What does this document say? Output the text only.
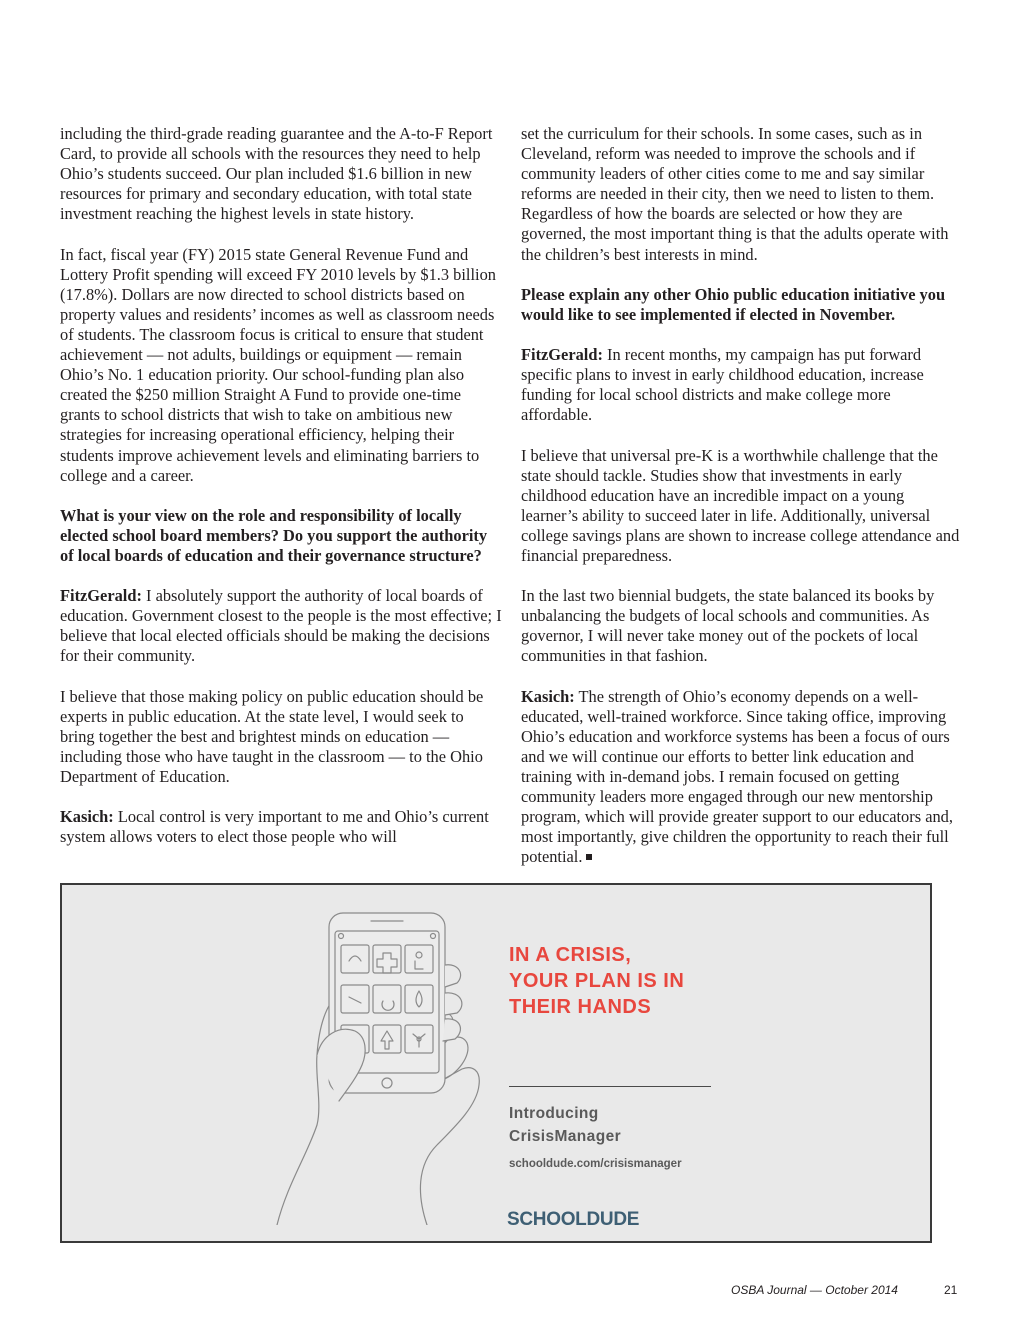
including the third-grade reading guarantee and the A-to-F Report Card, to provide all schools with the resources they need to help Ohio’s students succeed. Our plan included $1.6 billion in new resources for primary and secondary education, with total state investment reaching the highest levels in state history.

In fact, fiscal year (FY) 2015 state General Revenue Fund and Lottery Profit spending will exceed FY 2010 levels by $1.3 billion (17.8%). Dollars are now directed to school districts based on property values and residents’ incomes as well as classroom needs of students. The classroom focus is critical to ensure that student achievement — not adults, buildings or equipment — remain Ohio’s No. 1 education priority. Our school-funding plan also created the $250 million Straight A Fund to provide one-time grants to school districts that wish to take on ambitious new strategies for increasing operational efficiency, helping their students improve achievement levels and eliminating barriers to college and a career.

What is your view on the role and responsibility of locally elected school board members? Do you support the authority of local boards of education and their governance structure?

FitzGerald: I absolutely support the authority of local boards of education. Government closest to the people is the most effective; I believe that local elected officials should be making the decisions for their community.

I believe that those making policy on public education should be experts in public education. At the state level, I would seek to bring together the best and brightest minds on education — including those who have taught in the classroom — to the Ohio Department of Education.

Kasich: Local control is very important to me and Ohio’s current system allows voters to elect those people who will

set the curriculum for their schools. In some cases, such as in Cleveland, reform was needed to improve the schools and if community leaders of other cities come to me and say similar reforms are needed in their city, then we need to listen to them. Regardless of how the boards are selected or how they are governed, the most important thing is that the adults operate with the children’s best interests in mind.

Please explain any other Ohio public education initiative you would like to see implemented if elected in November.

FitzGerald: In recent months, my campaign has put forward specific plans to invest in early childhood education, increase funding for local school districts and make college more affordable.

I believe that universal pre-K is a worthwhile challenge that the state should tackle. Studies show that investments in early childhood education have an incredible impact on a young learner’s ability to succeed later in life. Additionally, universal college savings plans are shown to increase college attendance and financial preparedness.

In the last two biennial budgets, the state balanced its books by unbalancing the budgets of local schools and communities. As governor, I will never take money out of the pockets of local communities in that fashion.

Kasich: The strength of Ohio’s economy depends on a well-educated, well-trained workforce. Since taking office, improving Ohio’s education and workforce systems has been a focus of ours and we will continue our efforts to better link education and training with in-demand jobs. I remain focused on getting community leaders more engaged through our new mentorship program, which will provide greater support to our educators and, most importantly, give children the opportunity to reach their full potential.

IN A CRISIS,
YOUR PLAN IS IN
THEIR HANDS
Introducing
CrisisManager
schooldude.com/crisismanager
SCHOOLDUDE
OSBA Journal — October 2014	21
